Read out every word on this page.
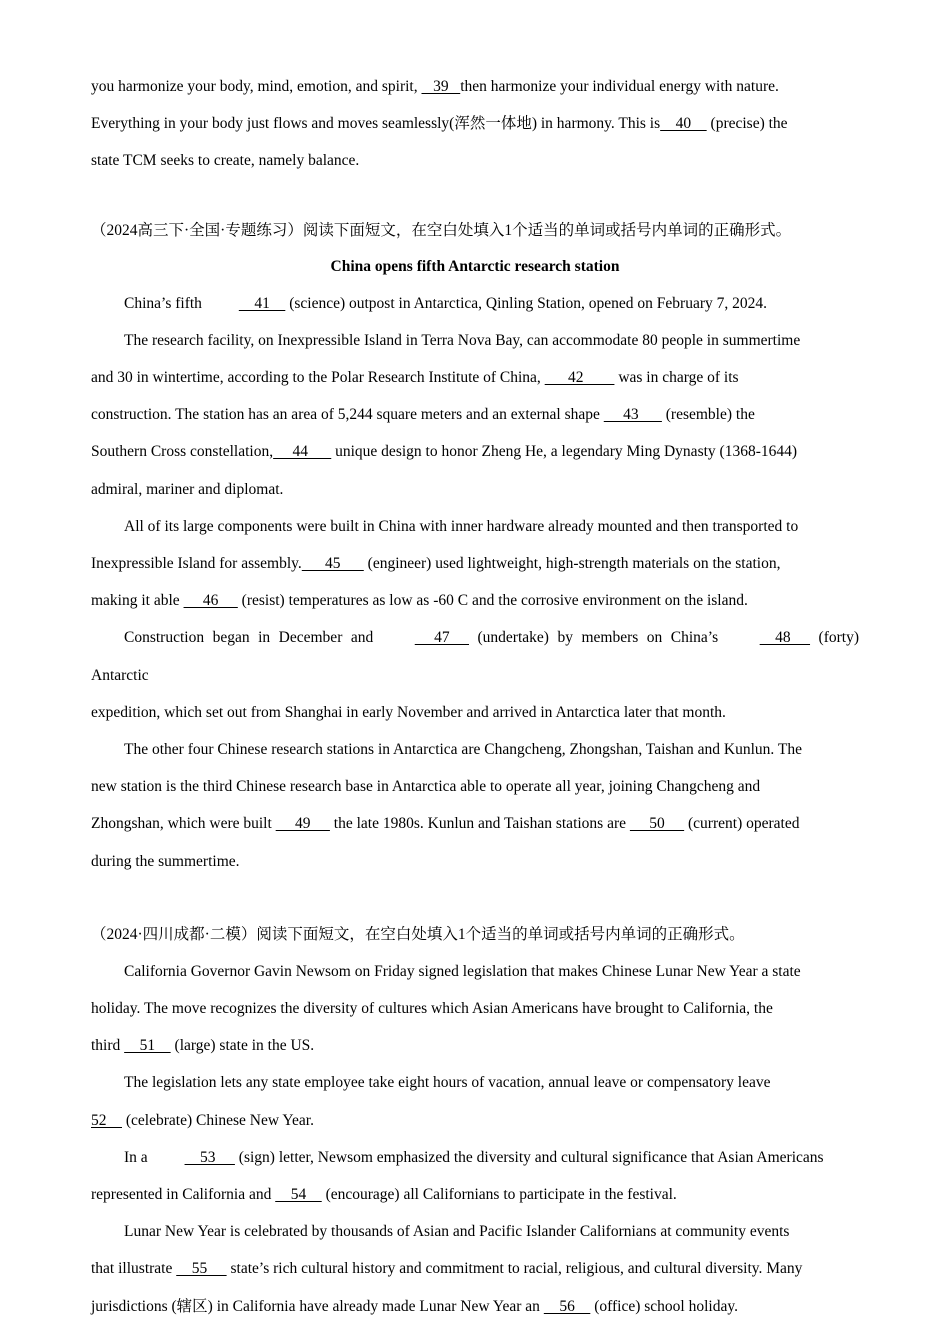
you harmonize your body, mind, emotion, and spirit,    39   then harmonize your individual energy with nature.

Everything in your body just flows and moves seamlessly(浑然一体地) in harmony. This is    40     (precise) the

state TCM seeks to create, namely balance.

（2024高三下·全国·专题练习）阅读下面短文，在空白处填入1个适当的单词或括号内单词的正确形式。

China opens fifth Antarctic research station

China’s fifth     41     (science) outpost in Antarctica, Qinling Station, opened on February 7, 2024.

The research facility, on Inexpressible Island in Terra Nova Bay, can accommodate 80 people in summertime

and 30 in wintertime, according to the Polar Research Institute of China,       42         was in charge of its

construction. The station has an area of 5,244 square meters and an external shape      43       (resemble) the

Southern Cross constellation,     44       unique design to honor Zheng He, a legendary Ming Dynasty (1368-1644)

admiral, mariner and diplomat.

All of its large components were built in China with inner hardware already mounted and then transported to

Inexpressible Island for assembly.      45       (engineer) used lightweight, high-strength materials on the station,

making it able      46      (resist) temperatures as low as -60 C and the corrosive environment on the island.

Construction began in December and      47      (undertake) by members on China’s     48      (forty) Antarctic

expedition, which set out from Shanghai in early November and arrived in Antarctica later that month.

The other four Chinese research stations in Antarctica are Changcheng, Zhongshan, Taishan and Kunlun. The

new station is the third Chinese research base in Antarctica able to operate all year, joining Changcheng and

Zhongshan, which were built      49      the late 1980s. Kunlun and Taishan stations are      50      (current) operated

during the summertime.

（2024·四川成都·二模）阅读下面短文，在空白处填入1个适当的单词或括号内单词的正确形式。

California Governor Gavin Newsom on Friday signed legislation that makes Chinese Lunar New Year a state

holiday. The move recognizes the diversity of cultures which Asian Americans have brought to California, the

third     51     (large) state in the US.

The legislation lets any state employee take eight hours of vacation, annual leave or compensatory leave

52     (celebrate) Chinese New Year.

In a     53      (sign) letter, Newsom emphasized the diversity and cultural significance that Asian Americans

represented in California and     54     (encourage) all Californians to participate in the festival.

Lunar New Year is celebrated by thousands of Asian and Pacific Islander Californians at community events

that illustrate     55      state’s rich cultural history and commitment to racial, religious, and cultural diversity. Many

jurisdictions (辖区) in California have already made Lunar New Year an     56     (office) school holiday.
